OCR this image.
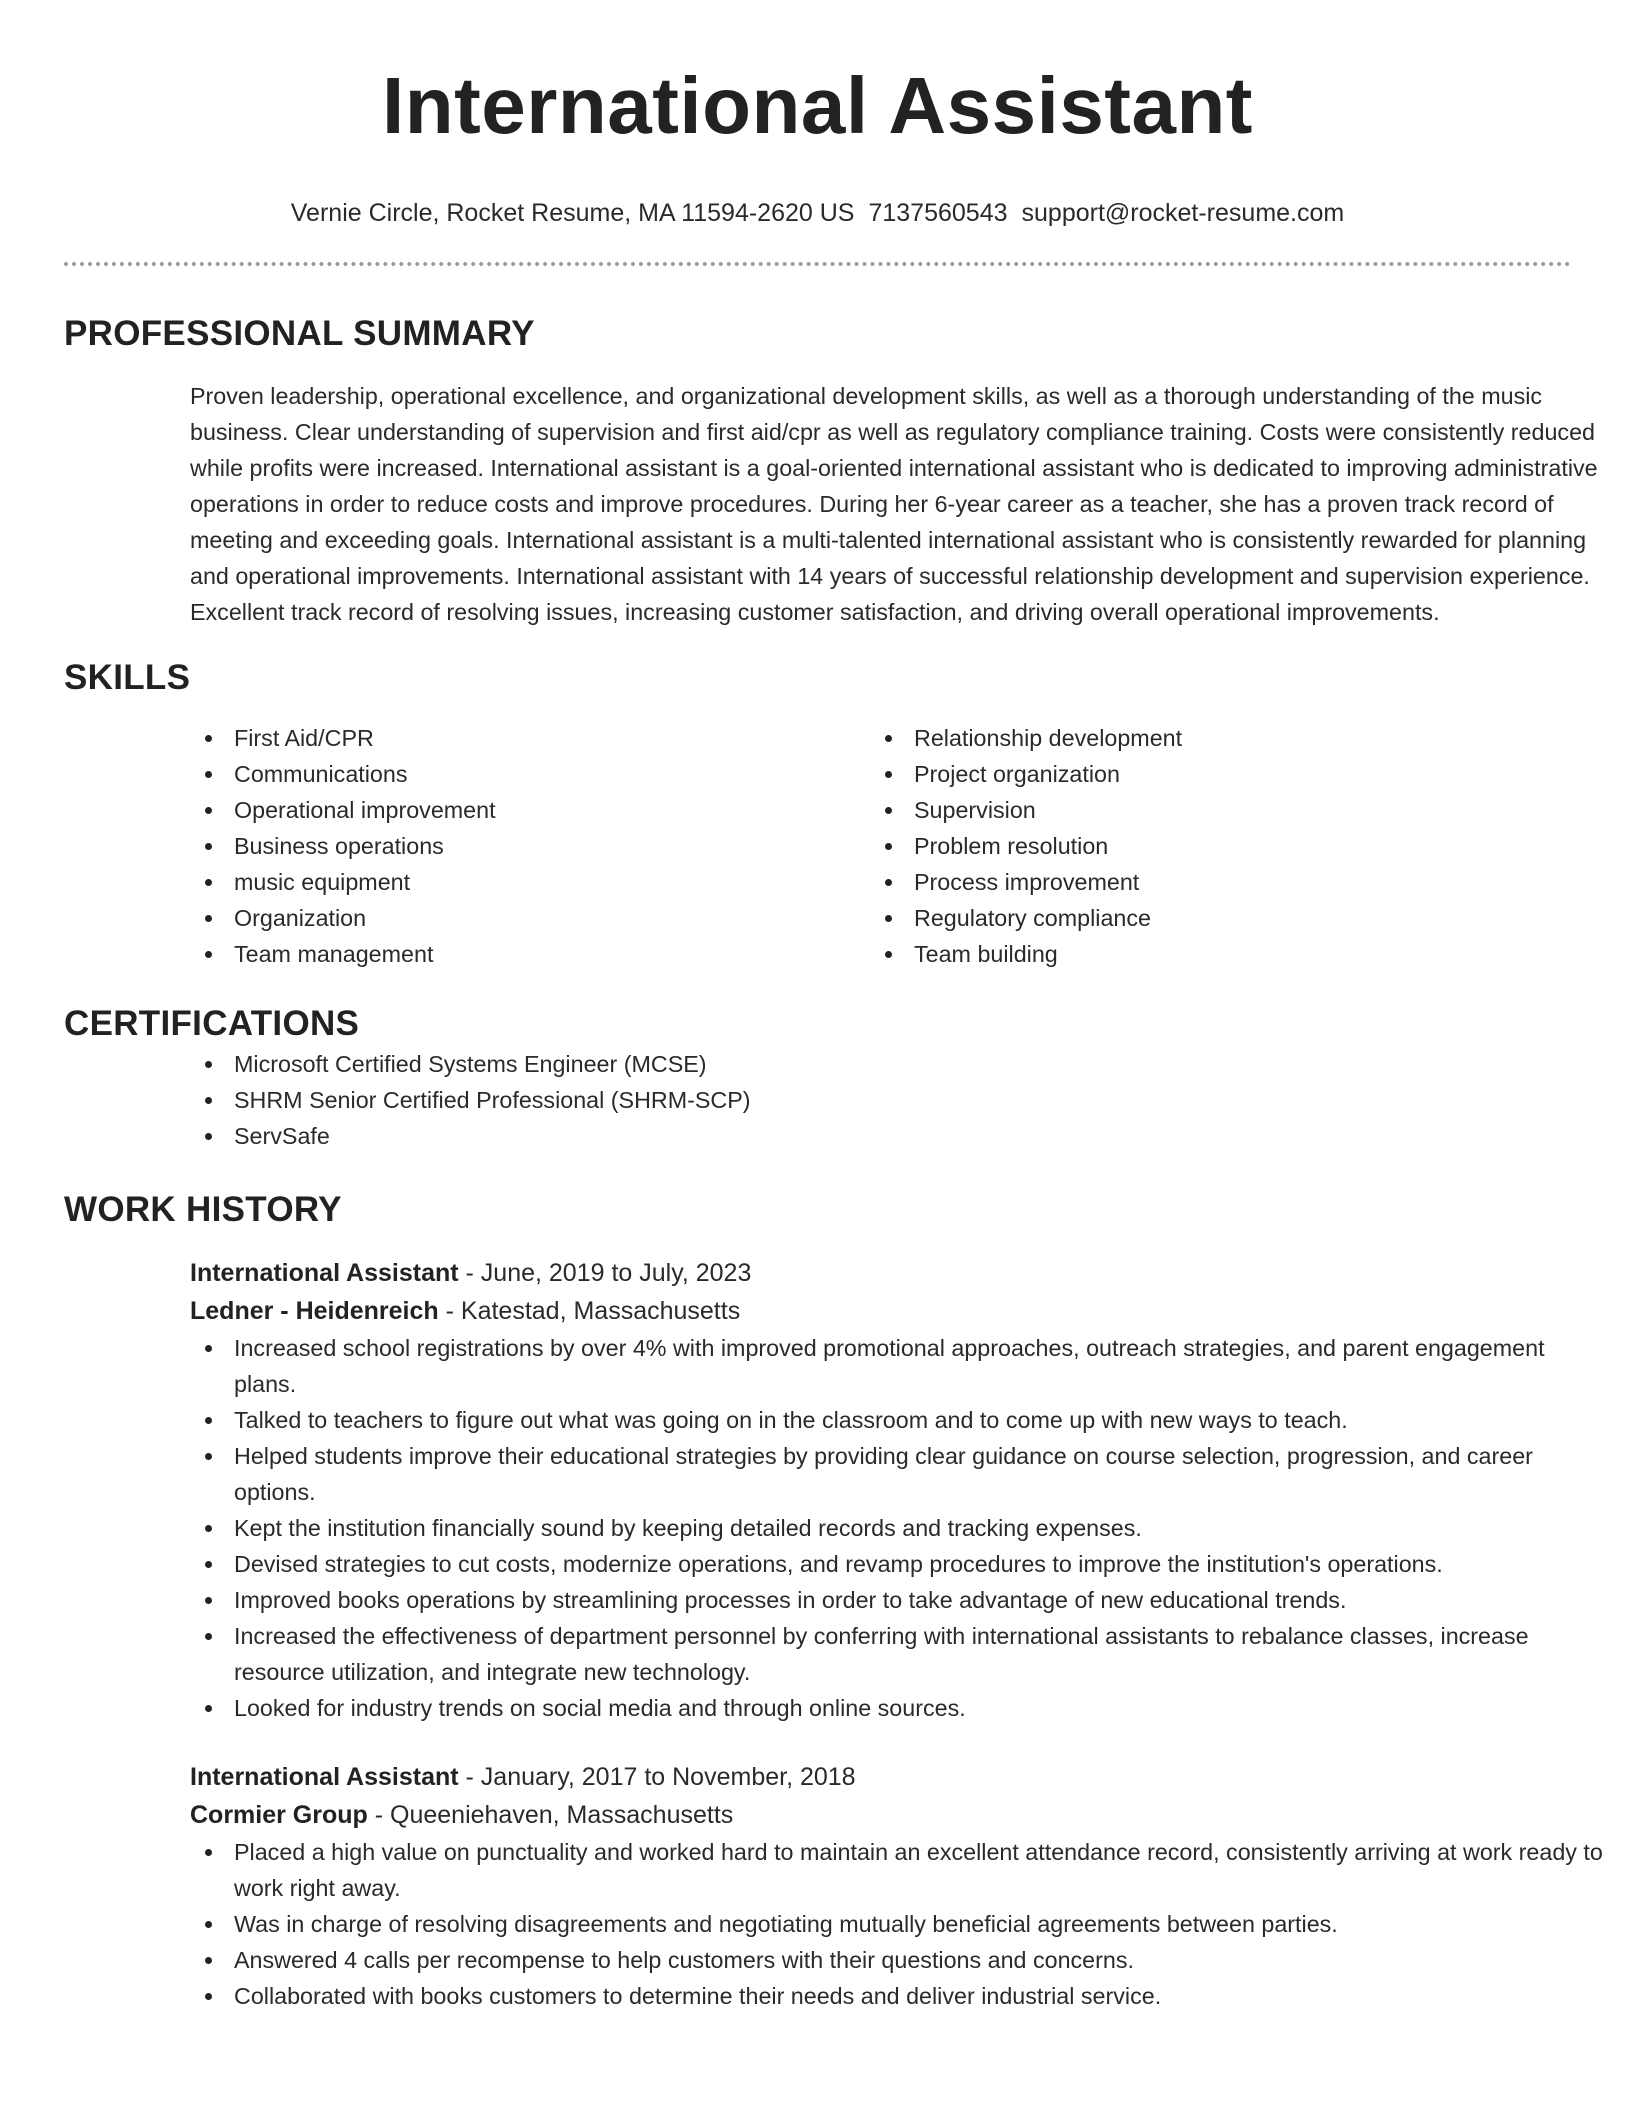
International Assistant
Vernie Circle, Rocket Resume, MA 11594-2620 US 7137560543 support@rocket-resume.com
PROFESSIONAL SUMMARY

Proven leadership, operational excellence, and organizational development skills, as well as a thorough understanding of the music business. Clear understanding of supervision and first aid/cpr as well as regulatory compliance training. Costs were consistently reduced while profits were increased. International assistant is a goal-oriented international assistant who is dedicated to improving administrative operations in order to reduce costs and improve procedures. During her 6-year career as a teacher, she has a proven track record of meeting and exceeding goals. International assistant is a multi-talented international assistant who is consistently rewarded for planning and operational improvements. International assistant with 14 years of successful relationship development and supervision experience. Excellent track record of resolving issues, increasing customer satisfaction, and driving overall operational improvements.

SKILLS
First Aid/CPR
Communications
Operational improvement
Business operations
music equipment
Organization
Team management
Relationship development
Project organization
Supervision
Problem resolution
Process improvement
Regulatory compliance
Team building
CERTIFICATIONS
Microsoft Certified Systems Engineer (MCSE)
SHRM Senior Certified Professional (SHRM-SCP)
ServSafe
WORK HISTORY
International Assistant - June, 2019 to July, 2023
Ledner - Heidenreich - Katestad, Massachusetts
Increased school registrations by over 4% with improved promotional approaches, outreach strategies, and parent engagement plans.
Talked to teachers to figure out what was going on in the classroom and to come up with new ways to teach.
Helped students improve their educational strategies by providing clear guidance on course selection, progression, and career options.
Kept the institution financially sound by keeping detailed records and tracking expenses.
Devised strategies to cut costs, modernize operations, and revamp procedures to improve the institution's operations.
Improved books operations by streamlining processes in order to take advantage of new educational trends.
Increased the effectiveness of department personnel by conferring with international assistants to rebalance classes, increase resource utilization, and integrate new technology.
Looked for industry trends on social media and through online sources.
International Assistant - January, 2017 to November, 2018
Cormier Group - Queeniehaven, Massachusetts
Placed a high value on punctuality and worked hard to maintain an excellent attendance record, consistently arriving at work ready to work right away.
Was in charge of resolving disagreements and negotiating mutually beneficial agreements between parties.
Answered 4 calls per recompense to help customers with their questions and concerns.
Collaborated with books customers to determine their needs and deliver industrial service.
